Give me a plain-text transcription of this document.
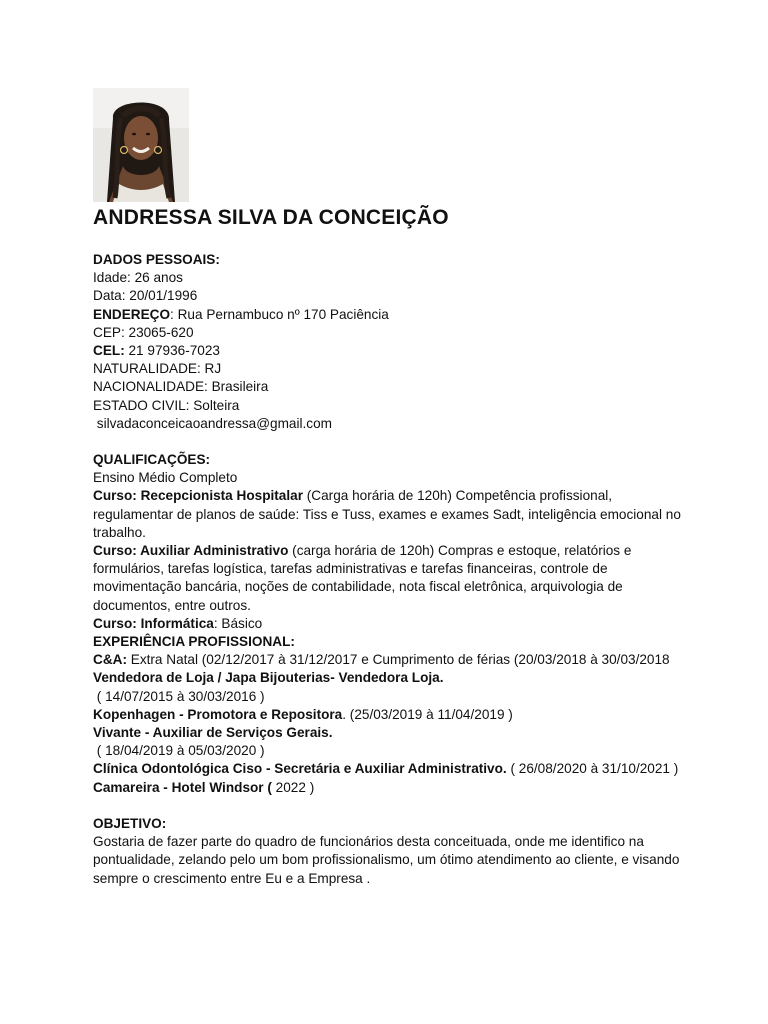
ANDRESSA SILVA DA CONCEIÇÃO

DADOS PESSOAIS:

Idade: 26 anos

Data: 20/01/1996

ENDEREÇO: Rua Pernambuco nº 170 Paciência

CEP: 23065-620

CEL: 21 97936-7023

NATURALIDADE: RJ

NACIONALIDADE: Brasileira

ESTADO CIVIL: Solteira

silvadaconceicaoandressa@gmail.com

QUALIFICAÇÕES:

Ensino Médio Completo

Curso: Recepcionista Hospitalar (Carga horária de 120h) Competência profissional, regulamentar de planos de saúde: Tiss e Tuss, exames e exames Sadt, inteligência emocional no trabalho.

Curso: Auxiliar Administrativo (carga horária de 120h) Compras e estoque, relatórios e formulários, tarefas logística, tarefas administrativas e tarefas financeiras, controle de movimentação bancária, noções de contabilidade, nota fiscal eletrônica, arquivologia de documentos, entre outros.

Curso: Informática: Básico

EXPERIÊNCIA PROFISSIONAL:

C&A: Extra Natal (02/12/2017 à 31/12/2017 e Cumprimento de férias (20/03/2018 à 30/03/2018 Vendedora de Loja / Japa Bijouterias- Vendedora Loja.

( 14/07/2015 à 30/03/2016 )

Kopenhagen - Promotora e Repositora. (25/03/2019 à 11/04/2019 )

Vivante - Auxiliar de Serviços Gerais.

( 18/04/2019 à 05/03/2020 )

Clínica Odontológica Ciso - Secretária e Auxiliar Administrativo. ( 26/08/2020 à 31/10/2021 )

Camareira - Hotel Windsor ( 2022 )

OBJETIVO:

Gostaria de fazer parte do quadro de funcionários desta conceituada, onde me identifico na pontualidade, zelando pelo um bom profissionalismo, um ótimo atendimento ao cliente, e visando sempre o crescimento entre Eu e a Empresa .
